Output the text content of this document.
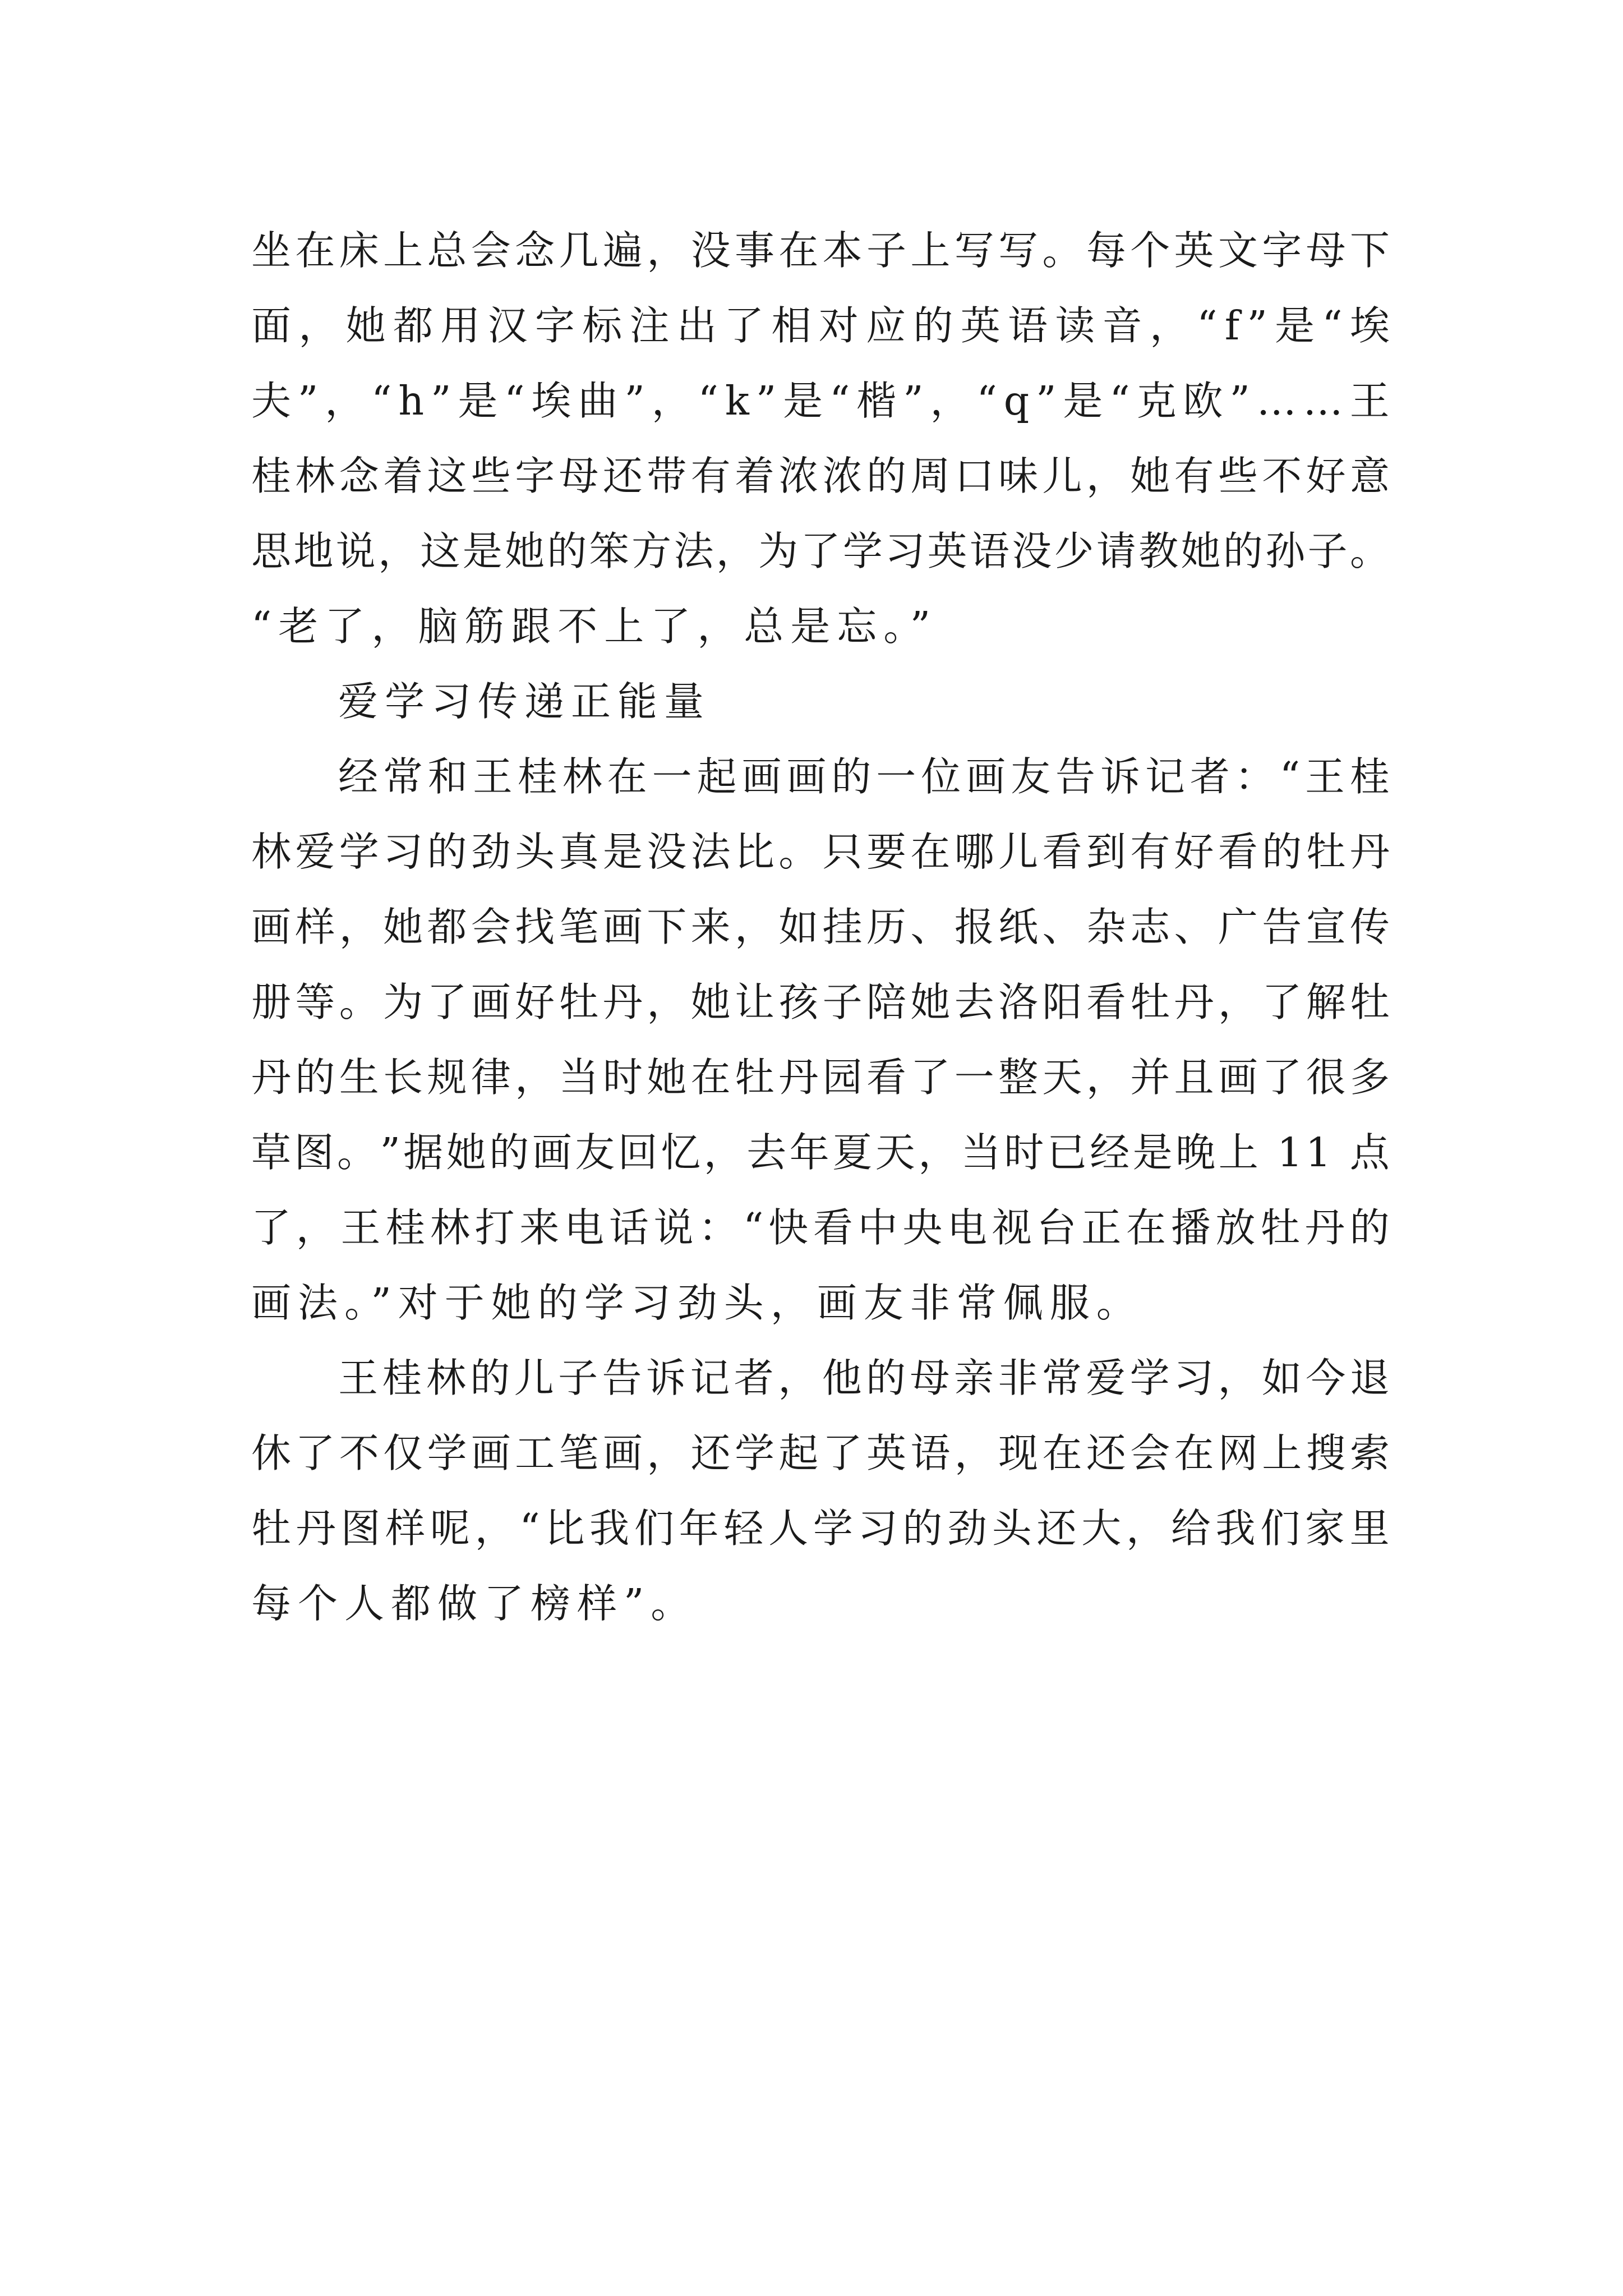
坐 在 床 上 总 会 念 几 遍 ， 没 事 在 本 子 上 写 写 。 每 个 英 文 字 母 下
面 ， 她 都 用 汉 字 标 注 出 了 相 对 应 的 英 语 读 音 ， “ f ” 是 “ 埃
夫 ” ， “ h ” 是 “ 埃 曲 ” ， “ k ” 是 “ 楷 ” ， “ q ” 是 “ 克 欧 ” … … 王
桂 林 念 着 这 些 字 母 还 带 有 着 浓 浓 的 周 口 味 儿 ， 她 有 些 不 好 意
思 地 说 ， 这 是 她 的 笨 方 法 ， 为 了 学 习 英 语 没 少 请 教 她 的 孙 子 。
“老了，脑筋跟不上了，总是忘。”
爱学习传递正能量
经 常 和 王 桂 林 在 一 起 画 画 的 一 位 画 友 告 诉 记 者 ： “ 王 桂
林 爱 学 习 的 劲 头 真 是 没 法 比 。 只 要 在 哪 儿 看 到 有 好 看 的 牡 丹
画 样 ， 她 都 会 找 笔 画 下 来 ， 如 挂 历 、 报 纸 、 杂 志 、 广 告 宣 传
册 等 。 为 了 画 好 牡 丹 ， 她 让 孩 子 陪 她 去 洛 阳 看 牡 丹 ， 了 解 牡
丹 的 生 长 规 律 ， 当 时 她 在 牡 丹 园 看 了 一 整 天 ， 并 且 画 了 很 多
草 图 。 ” 据 她 的 画 友 回 忆 ， 去 年 夏 天 ， 当 时 已 经 是 晚 上
1 1
点
了 ， 王 桂 林 打 来 电 话 说 ： “ 快 看 中 央 电 视 台 正 在 播 放 牡 丹 的
画法。”对于她的学习劲头，画友非常佩服。
王 桂 林 的 儿 子 告 诉 记 者 ， 他 的 母 亲 非 常 爱 学 习 ， 如 今 退
休 了 不 仅 学 画 工 笔 画 ， 还 学 起 了 英 语 ， 现 在 还 会 在 网 上 搜 索
牡 丹 图 样 呢 ， “ 比 我 们 年 轻 人 学 习 的 劲 头 还 大 ， 给 我 们 家 里
每个人都做了榜样”。
